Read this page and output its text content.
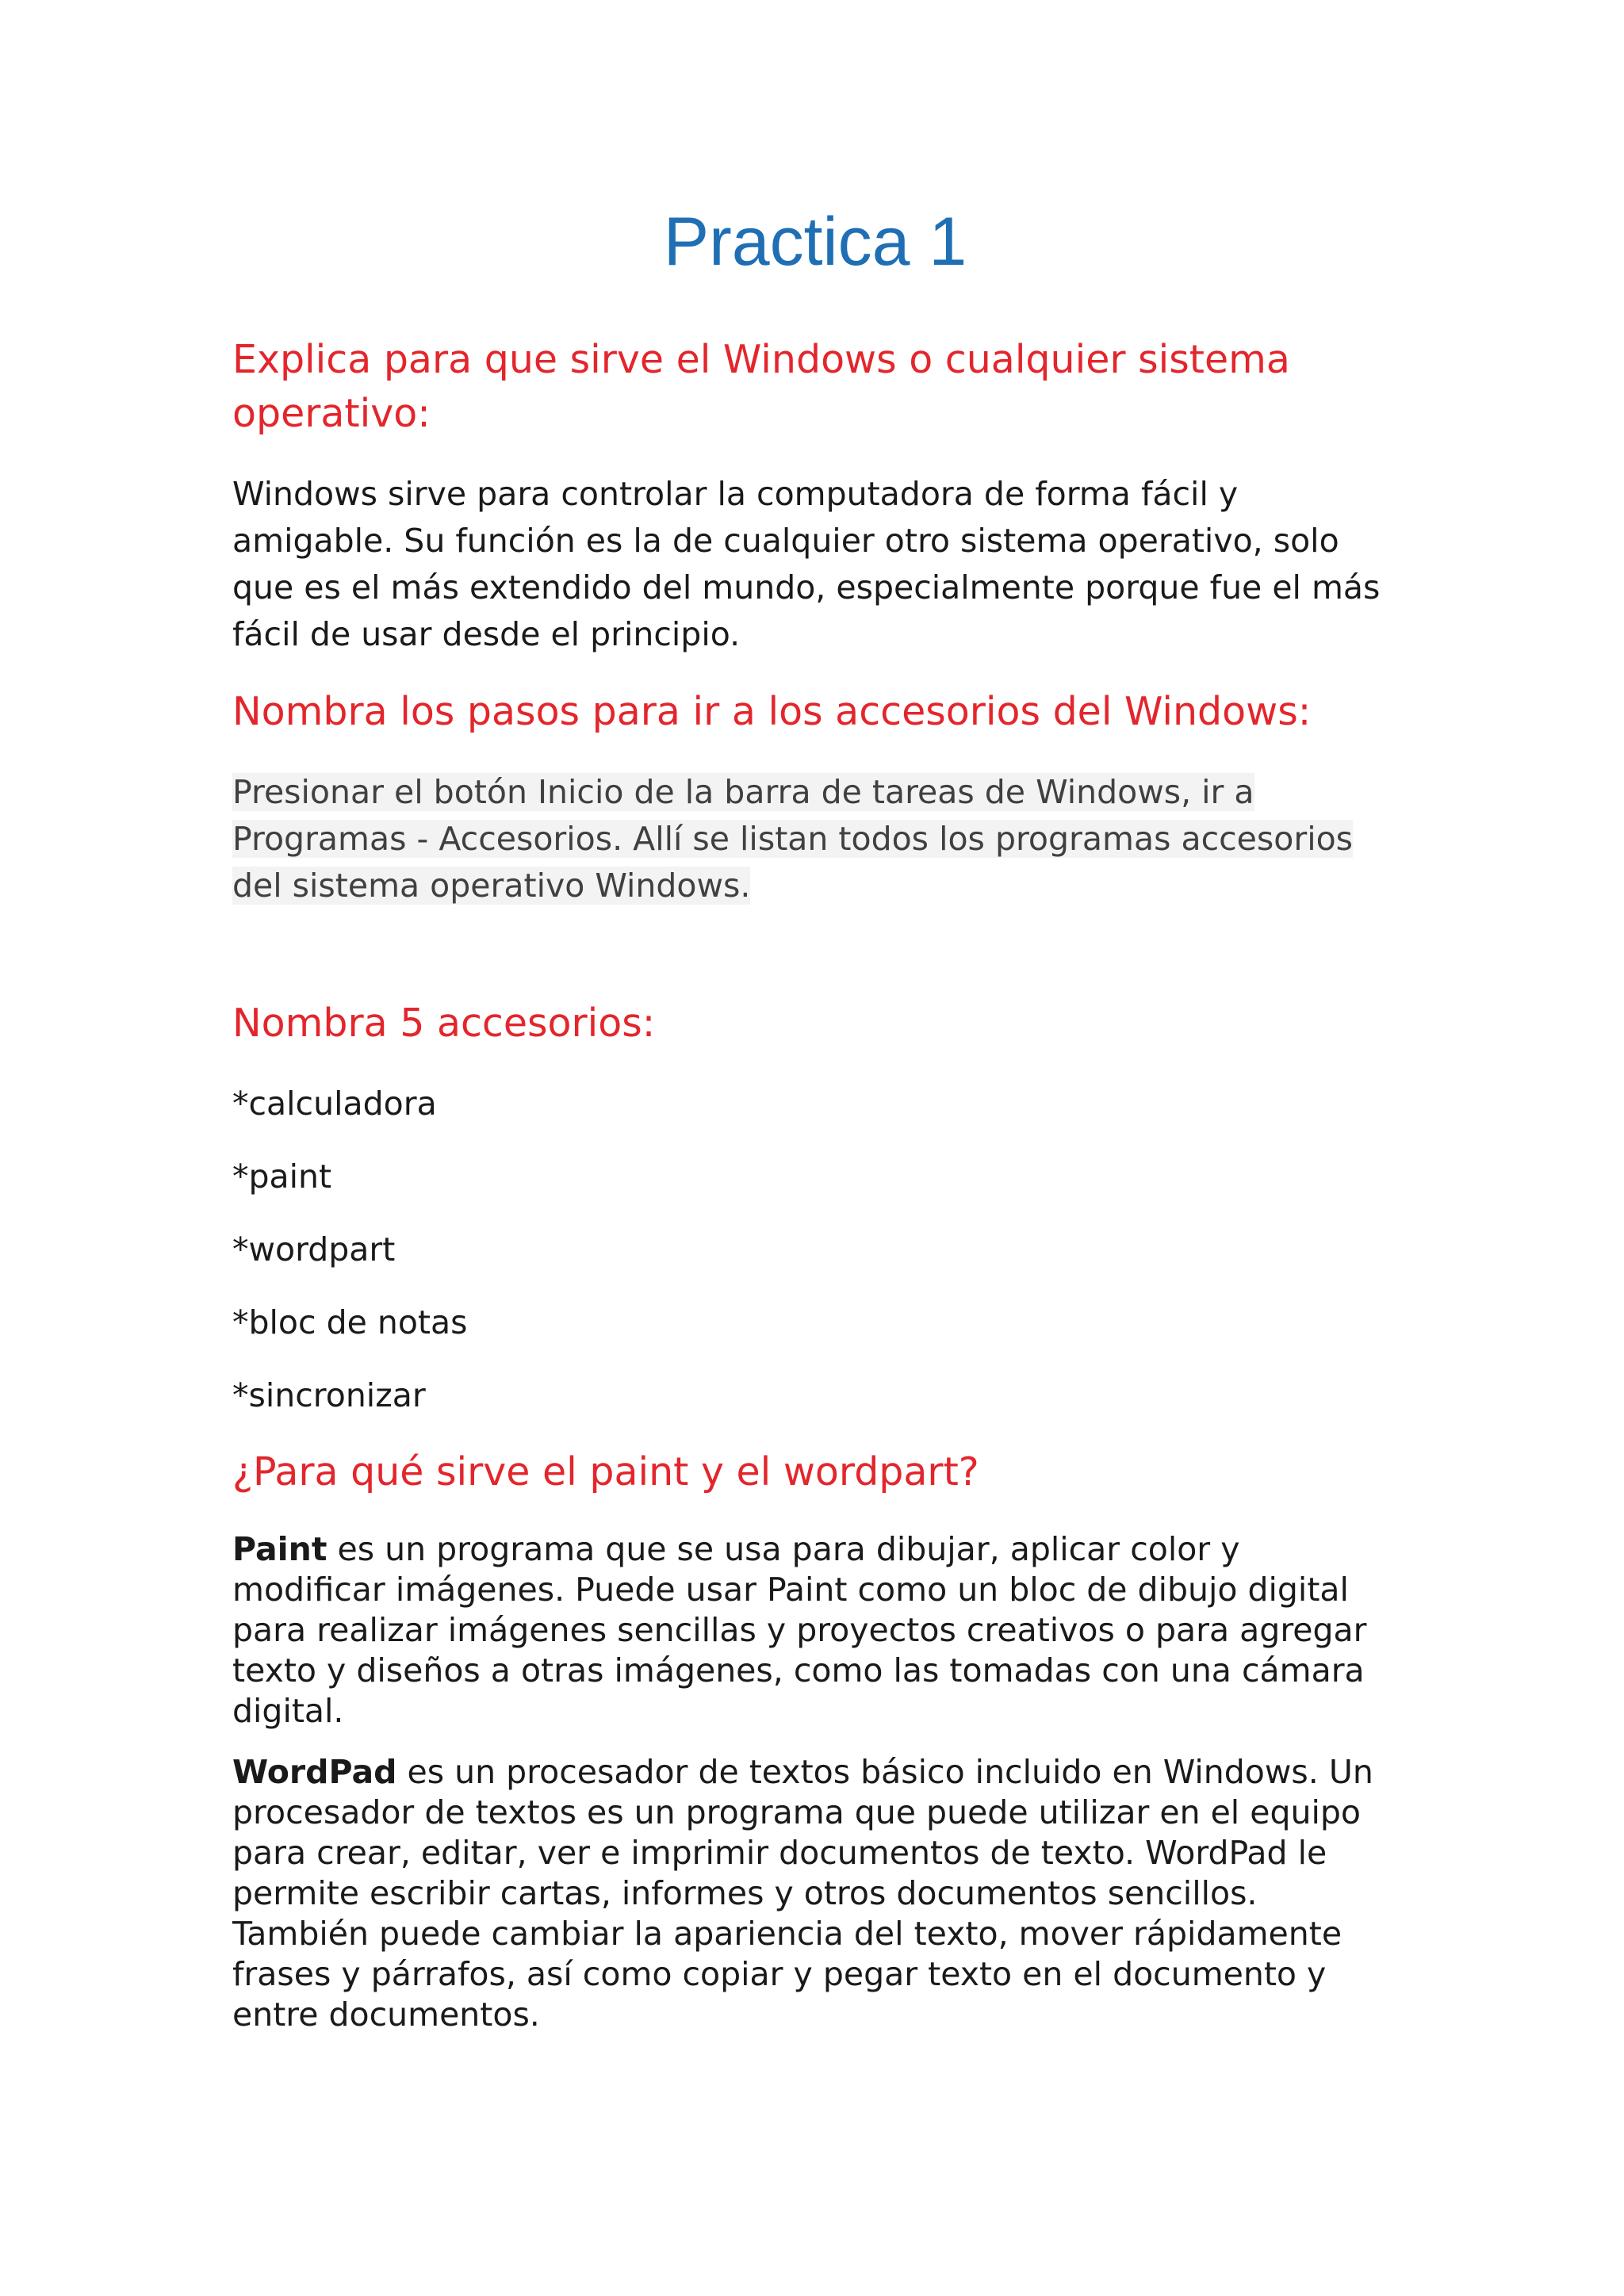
Practica 1
Explica para que sirve el Windows o cualquier sistema operativo:

Windows sirve para controlar la computadora de forma fácil y amigable. Su función es la de cualquier otro sistema operativo, solo que es el más extendido del mundo, especialmente porque fue el más fácil de usar desde el principio.

Nombra los pasos para ir a los accesorios del Windows:

Presionar el botón Inicio de la barra de tareas de Windows, ir a Programas - Accesorios. Allí se listan todos los programas accesorios del sistema operativo Windows.

Nombra 5 accesorios:

*calculadora

*paint

*wordpart

*bloc de notas

*sincronizar

¿Para qué sirve el paint y el wordpart?

Paint es un programa que se usa para dibujar, aplicar color y modificar imágenes. Puede usar Paint como un bloc de dibujo digital para realizar imágenes sencillas y proyectos creativos o para agregar texto y diseños a otras imágenes, como las tomadas con una cámara digital.

WordPad es un procesador de textos básico incluido en Windows. Un procesador de textos es un programa que puede utilizar en el equipo para crear, editar, ver e imprimir documentos de texto. WordPad le permite escribir cartas, informes y otros documentos sencillos. También puede cambiar la apariencia del texto, mover rápidamente frases y párrafos, así como copiar y pegar texto en el documento y entre documentos.
